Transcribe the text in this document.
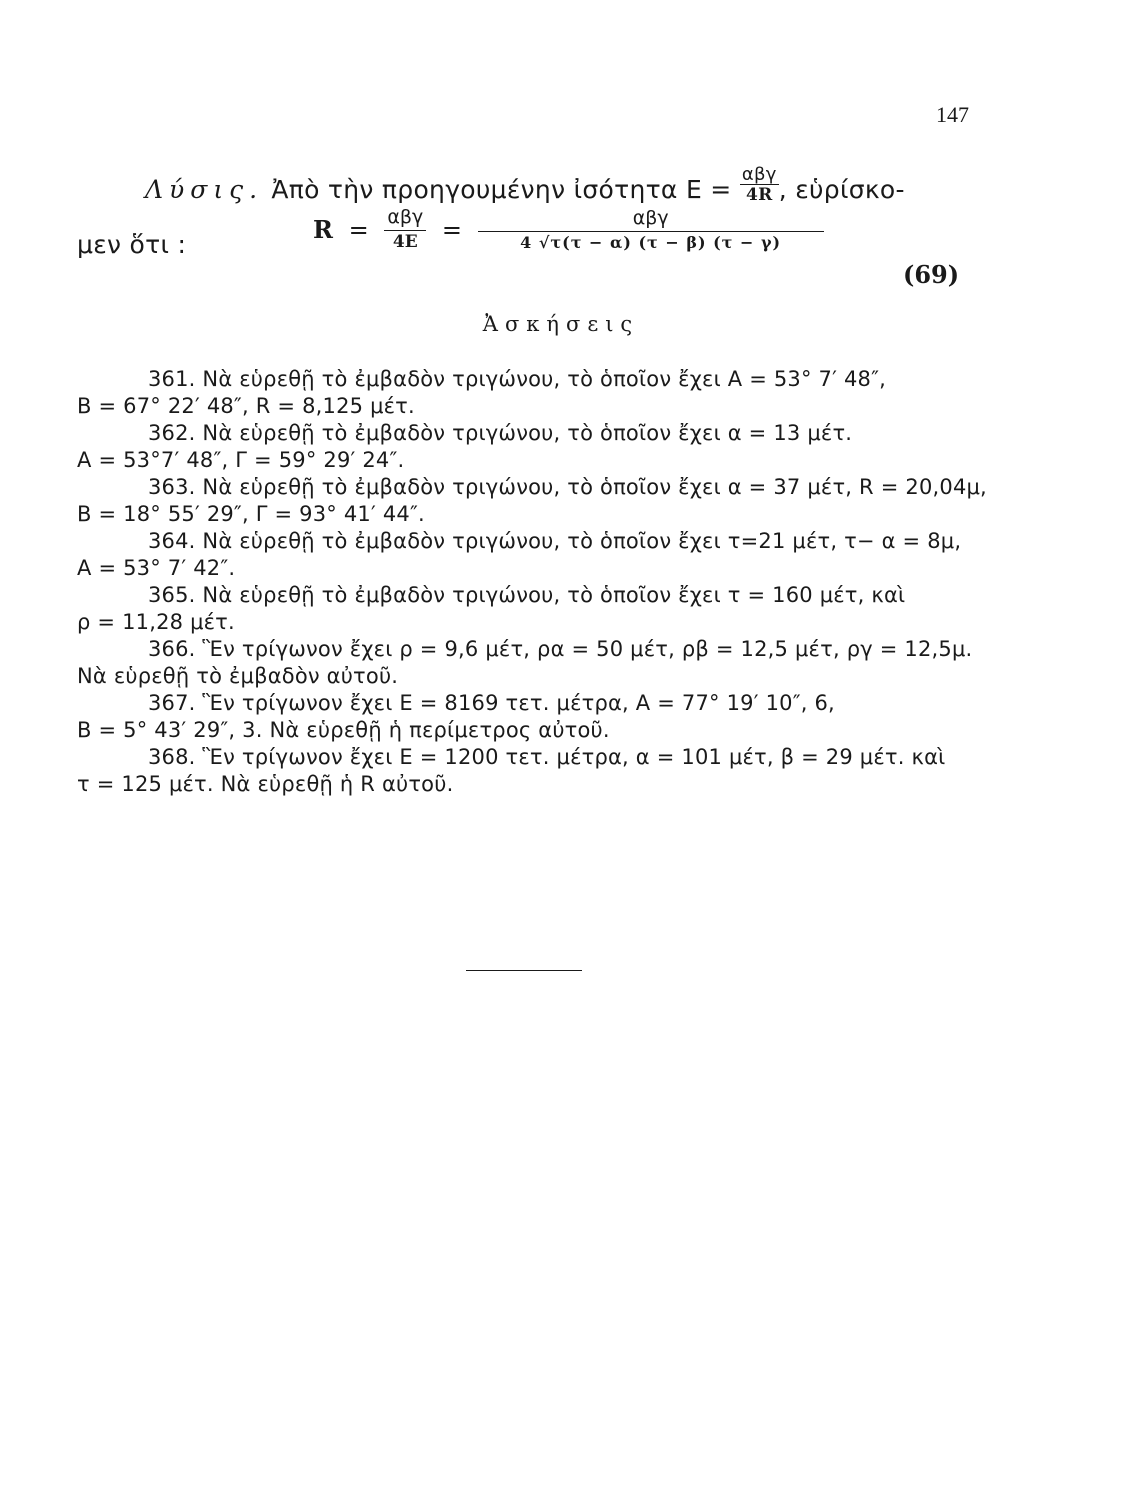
147
Λύσις. Ἀπὸ τὴν προηγουμένην ἰσότητα $E = \frac{\text{αβγ}}{4R}$ , εὑρίσκο-
μεν ὅτι :
$R = \frac{\text{αβγ}}{4E} = \frac{\text{αβγ}}{4 √\tau(\tau - \alpha) (\tau - \beta) (\tau - \gamma)}$
(69)
Ἀσκήσεις
361. Νὰ εὑρεθῇ τὸ ἐμβαδὸν τριγώνου, τὸ ὁποῖον ἔχει Α = 53° 7′ 48″,
Β = 67° 22′ 48″, R = 8,125 μέτ.
362. Νὰ εὑρεθῇ τὸ ἐμβαδὸν τριγώνου, τὸ ὁποῖον ἔχει α = 13 μέτ.
Α = 53°7′ 48″, Γ = 59° 29′ 24″.
363. Νὰ εὑρεθῇ τὸ ἐμβαδὸν τριγώνου, τὸ ὁποῖον ἔχει α = 37 μέτ, R = 20,04μ,
Β = 18° 55′ 29″, Γ = 93° 41′ 44″.
364. Νὰ εὑρεθῇ τὸ ἐμβαδὸν τριγώνου, τὸ ὁποῖον ἔχει τ=21 μέτ, τ− α = 8μ,
Α = 53° 7′ 42″.
365. Νὰ εὑρεθῇ τὸ ἐμβαδὸν τριγώνου, τὸ ὁποῖον ἔχει τ = 160 μέτ, καὶ
ρ = 11,28 μέτ.
366. Ἓν τρίγωνον ἔχει ρ = 9,6 μέτ, ρα = 50 μέτ, ρβ = 12,5 μέτ, ργ = 12,5μ.
Νὰ εὑρεθῇ τὸ ἐμβαδὸν αὐτοῦ.
367. Ἓν τρίγωνον ἔχει Ε = 8169 τετ. μέτρα, Α = 77° 19′ 10″, 6,
Β = 5° 43′ 29″, 3. Νὰ εὑρεθῇ ἡ περίμετρος αὐτοῦ.
368. Ἓν τρίγωνον ἔχει Ε = 1200 τετ. μέτρα, α = 101 μέτ, β = 29 μέτ. καὶ
τ = 125 μέτ. Νὰ εὑρεθῇ ἡ R αὐτοῦ.
